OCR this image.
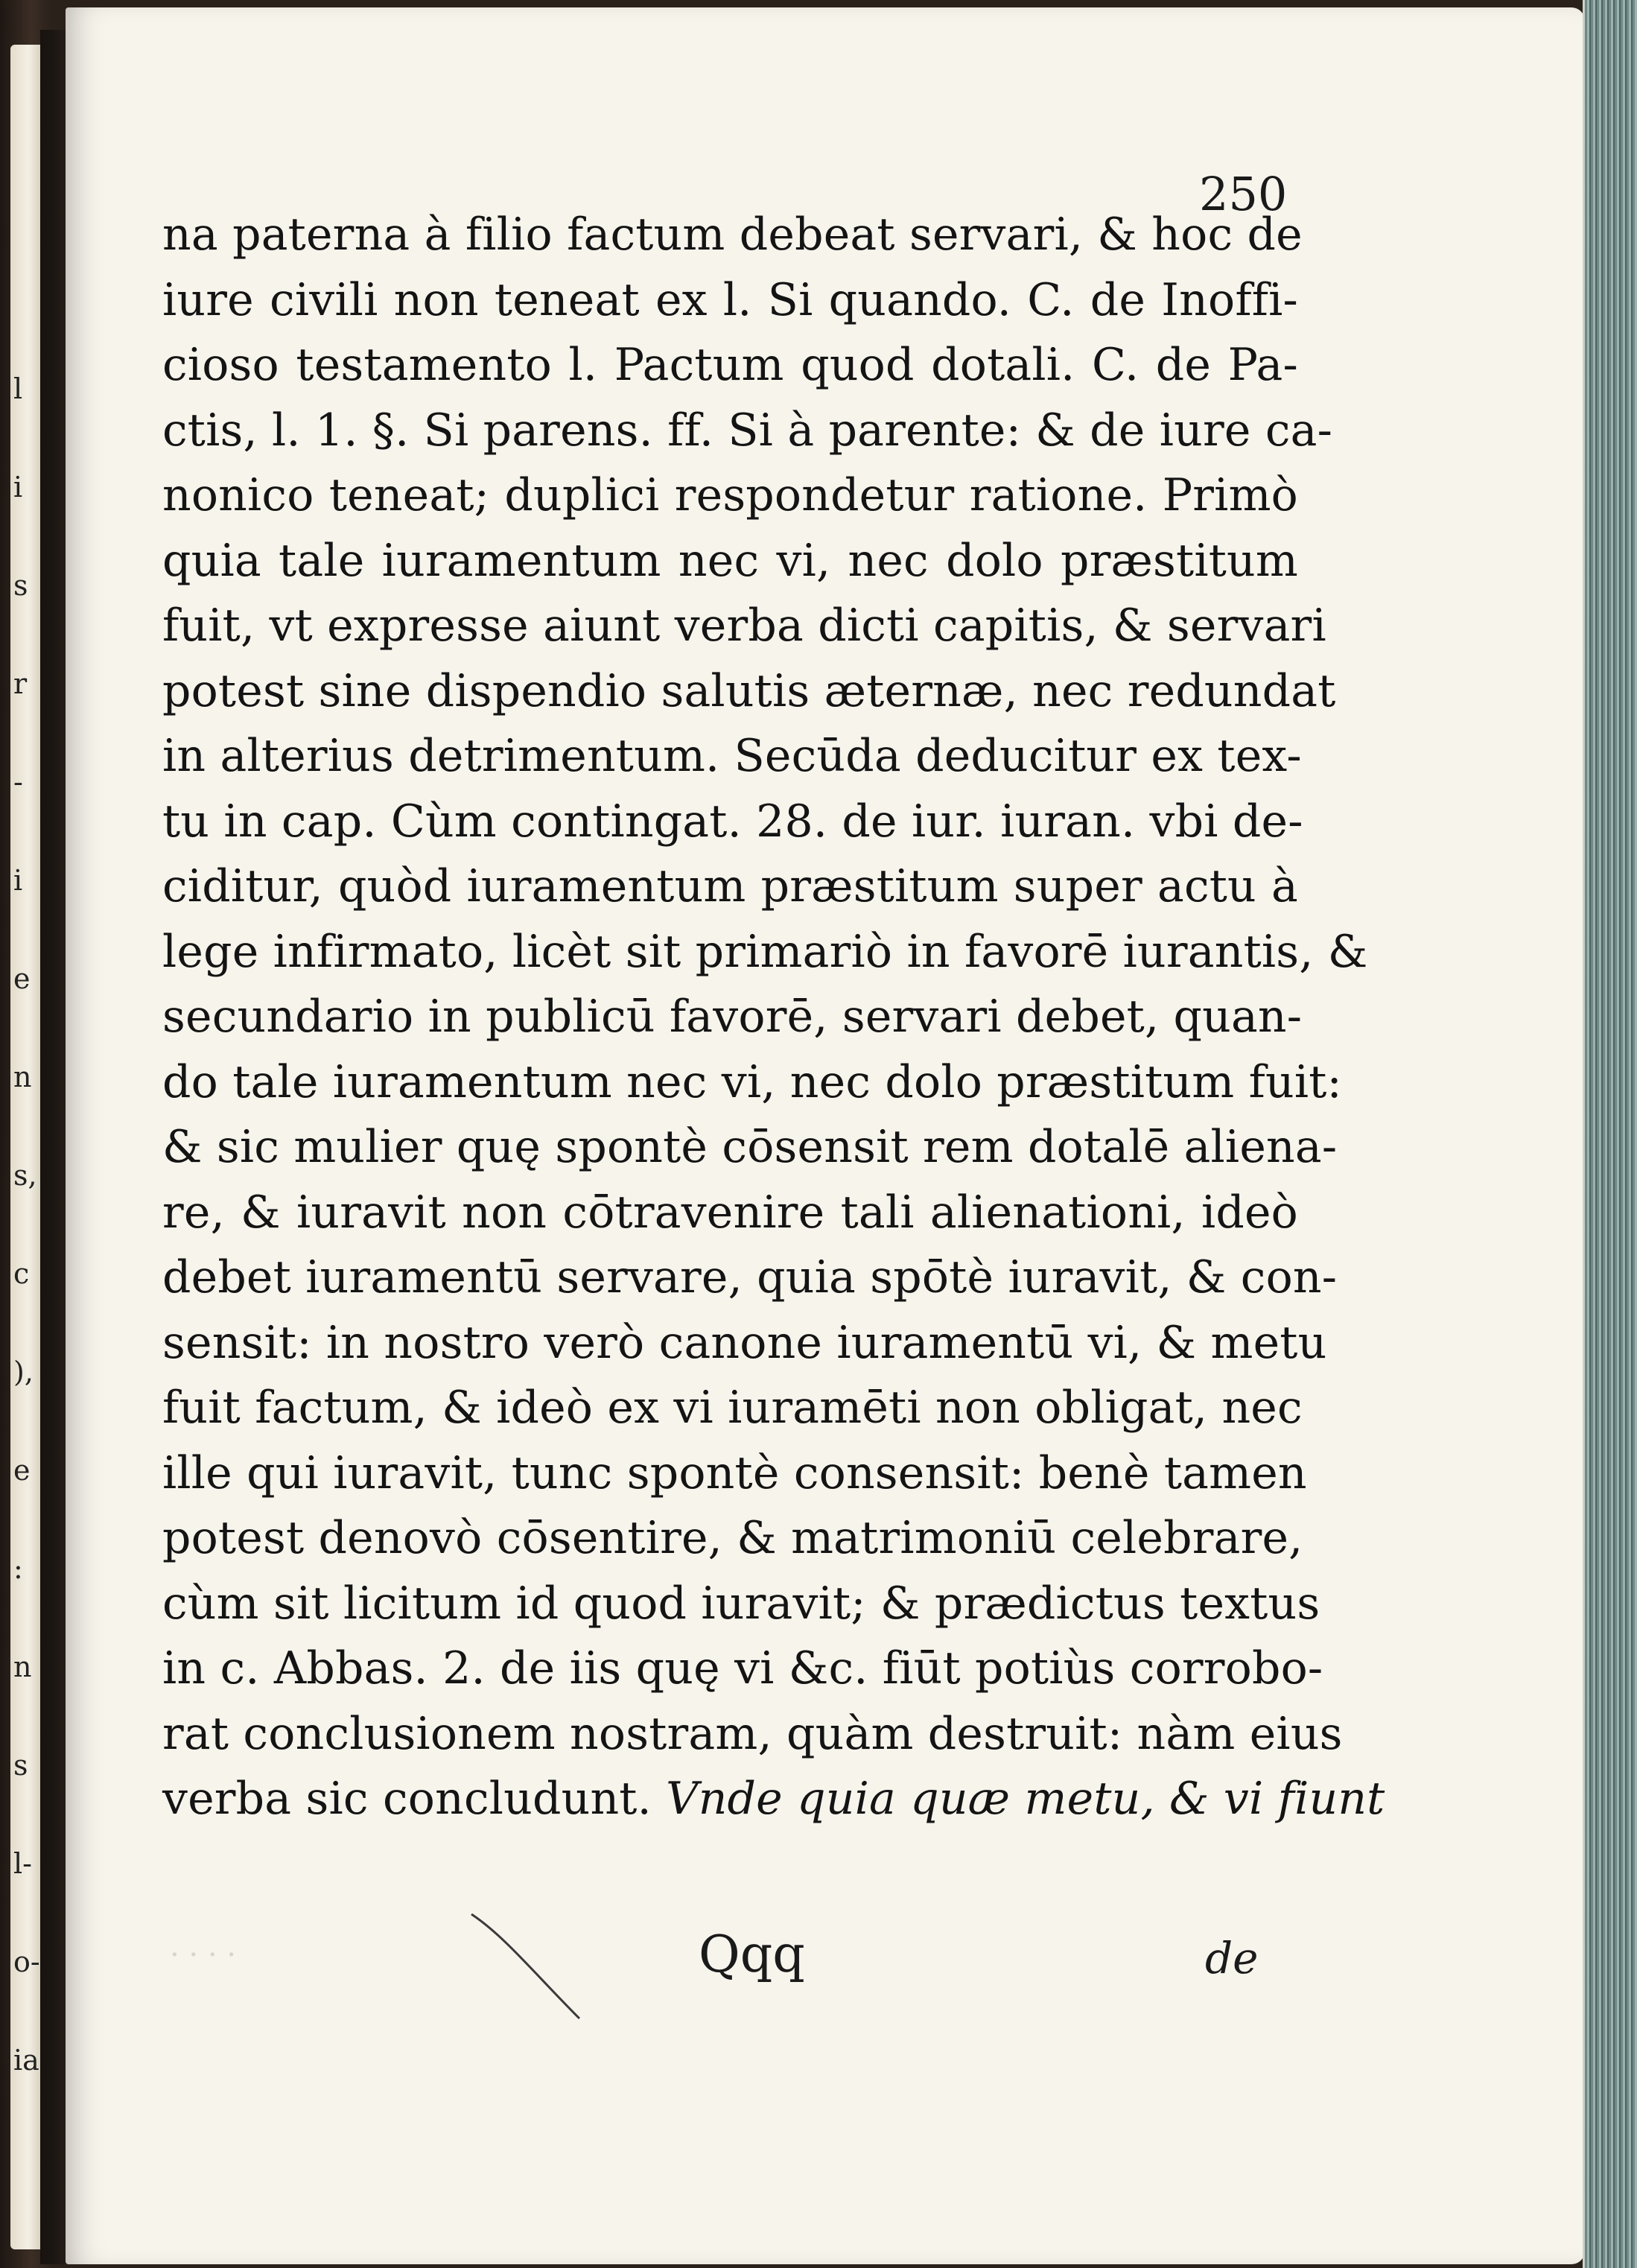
l
i
s
r
-
i
e
n
s,
c
),
e
:
n
s
l-
o-
ia
250
na paterna à filio factum debeat servari, & hoc de
iure civili non teneat ex l. Si quando. C. de Inoffi-
cioso testamento l. Pactum quod dotali. C. de Pa-
ctis, l. 1. §. Si parens. ff. Si à parente: & de iure ca-
nonico teneat; duplici respondetur ratione. Primò
quia tale iuramentum nec vi, nec dolo præstitum
fuit, vt expresse aiunt verba dicti capitis, & servari
potest sine dispendio salutis æternæ, nec redundat
in alterius detrimentum. Secūda deducitur ex tex-
tu in cap. Cùm contingat. 28. de iur. iuran. vbi de-
ciditur, quòd iuramentum præstitum super actu à
lege infirmato, licèt sit primariò in favorē iurantis, &
secundario in publicū favorē, servari debet, quan-
do tale iuramentum nec vi, nec dolo præstitum fuit:
& sic mulier quę spontè cōsensit rem dotalē aliena-
re, & iuravit non cōtravenire tali alienationi, ideò
debet iuramentū servare, quia spōtè iuravit, & con-
sensit: in nostro verò canone iuramentū vi, & metu
fuit factum, & ideò ex vi iuramēti non obligat, nec
ille qui iuravit, tunc spontè consensit: benè tamen
potest denovò cōsentire, & matrimoniū celebrare,
cùm sit licitum id quod iuravit; & prædictus textus
in c. Abbas. 2. de iis quę vi &c. fiūt potiùs corrobo-
rat conclusionem nostram, quàm destruit: nàm eius
verba sic concludunt. Vnde quia quæ metu, & vi fiunt
. . . .	Qqq	de
